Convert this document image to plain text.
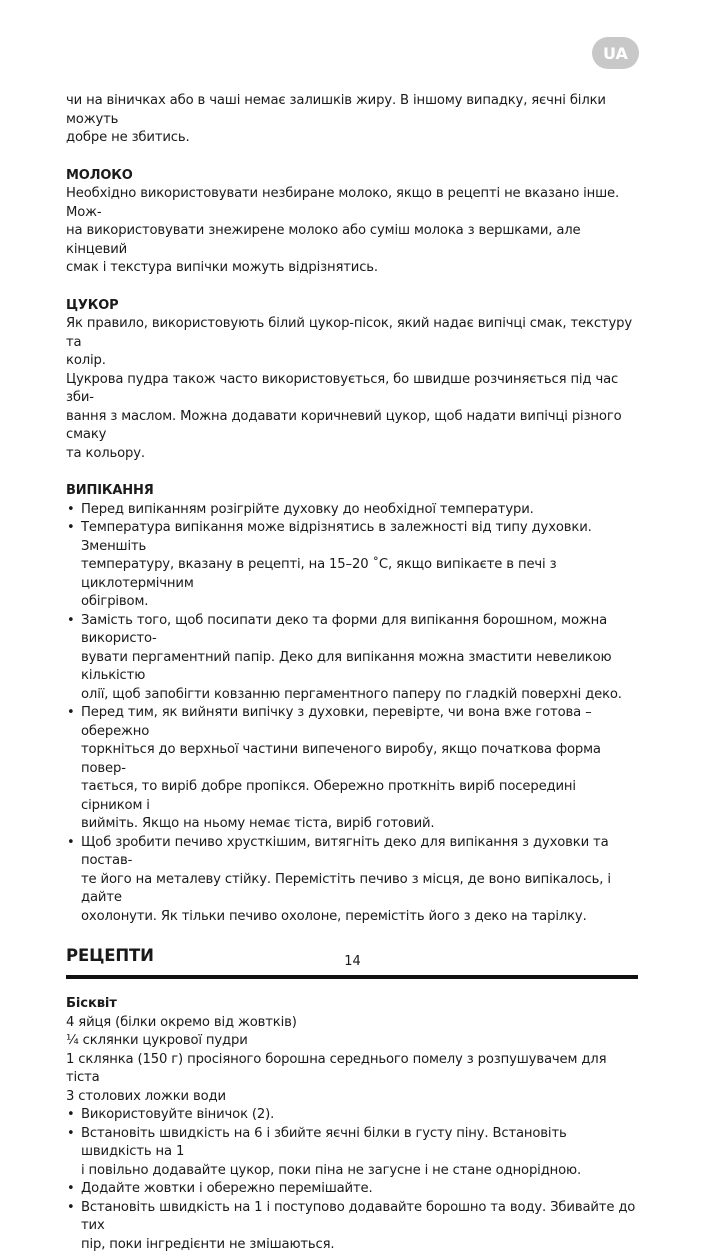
UA

чи на віничках або в чаші немає залишків жиру. В іншому випадку, яєчні білки можуть
добре не збитись.

МОЛОКО

Необхідно використовувати незбиране молоко, якщо в рецепті не вказано інше. Мож-
на використовувати знежирене молоко або суміш молока з вершками, але кінцевий
смак і текстура випічки можуть відрізнятись.

ЦУКОР

Як правило, використовують білий цукор-пісок, який надає випічці смак, текстуру та
колір.
Цукрова пудра також часто використовується, бо швидше розчиняється під час зби-
вання з маслом. Можна додавати коричневий цукор, щоб надати випічці різного смаку
та кольору.

ВИПІКАННЯ
• Перед випіканням розігрійте духовку до необхідної температури.
• Температура випікання може відрізнятись в залежності від типу духовки. Зменшіть
температуру, вказану в рецепті, на 15–20 ˚C, якщо випікаєте в печі з циклотермічним
обігрівом.
• Замість того, щоб посипати деко та форми для випікання борошном, можна використо-
вувати пергаментний папір. Деко для випікання можна змастити невеликою кількістю
олії, щоб запобігти ковзанню пергаментного паперу по гладкій поверхні деко.
• Перед тим, як вийняти випічку з духовки, перевірте, чи вона вже готова – обережно
торкніться до верхньої частини випеченого виробу, якщо початкова форма повер-
тається, то виріб добре пропікся. Обережно проткніть виріб посередині сірником і
вийміть. Якщо на ньому немає тіста, виріб готовий.
• Щоб зробити печиво хрусткішим, витягніть деко для випікання з духовки та постав-
те його на металеву стійку. Перемістіть печиво з місця, де воно випікалось, і дайте
охолонути. Як тільки печиво охолоне, перемістіть його з деко на тарілку.
РЕЦЕПТИ
Бісквіт

4 яйця (білки окремо від жовтків)
¼ склянки цукрової пудри
1 склянка (150 г) просіяного борошна середнього помелу з розпушувачем для тіста
3 столових ложки води

• Використовуйте віничок (2).
• Встановіть швидкість на 6 і збийте яєчні білки в густу піну. Встановіть швидкість на 1
і повільно додавайте цукор, поки піна не загусне і не стане однорідною.
• Додайте жовтки і обережно перемішайте.
• Встановіть швидкість на 1 і поступово додавайте борошно та воду. Збивайте до тих
пір, поки інгредієнти не змішаються.
14
